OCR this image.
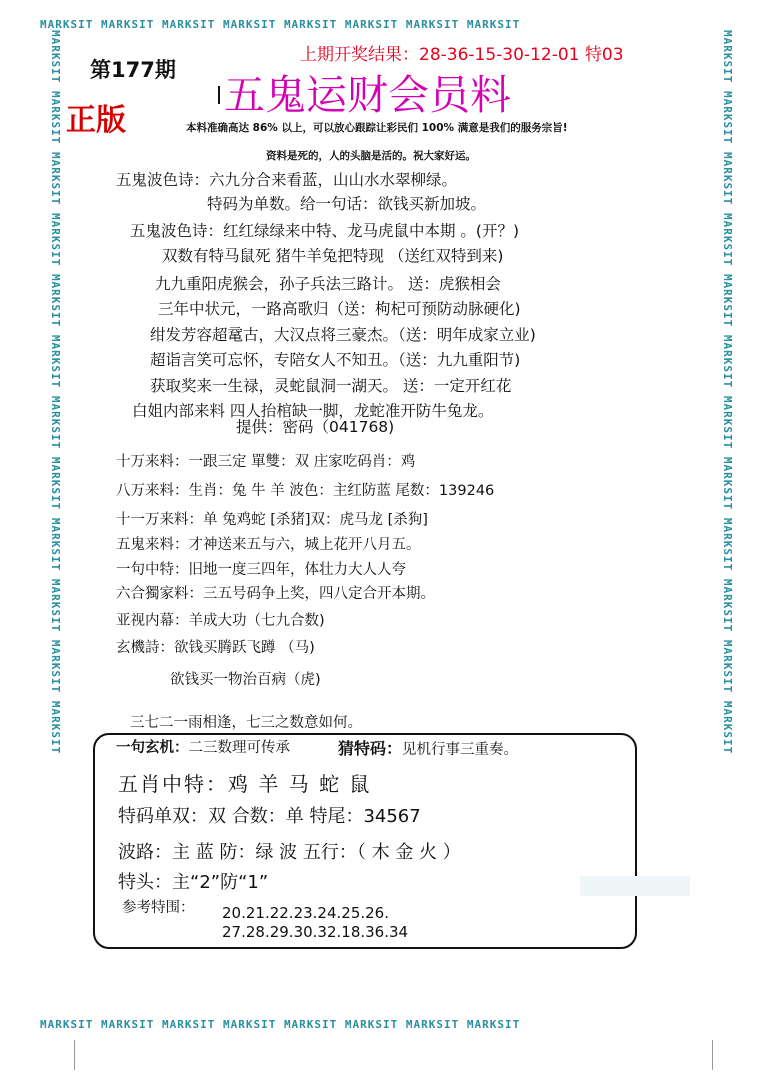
MARKSIT MARKSIT MARKSIT MARKSIT MARKSIT MARKSIT MARKSIT MARKSIT
MARKSIT MARKSIT MARKSIT MARKSIT MARKSIT MARKSIT MARKSIT MARKSIT
MARKSIT MARKSIT MARKSIT MARKSIT MARKSIT MARKSIT MARKSIT MARKSIT MARKSIT MARKSIT MARKSIT MARKSIT
MARKSIT MARKSIT MARKSIT MARKSIT MARKSIT MARKSIT MARKSIT MARKSIT MARKSIT MARKSIT MARKSIT MARKSIT
第177期
正版
上期开奖结果：28-36-15-30-12-01 特03
五鬼运财会员料
本料准确高达 86% 以上，可以放心跟踪让彩民们 100% 满意是我们的服务宗旨!
资料是死的，人的头脑是活的。祝大家好运。
五鬼波色诗：六九分合来看蓝，山山水水翠柳绿。
特码为单数。给一句话：欲钱买新加坡。
五鬼波色诗：红红绿绿来中特、龙马虎鼠中本期 。(开？)
双数有特马鼠死 猪牛羊兔把特现 （送红双特到来)
九九重阳虎猴会，孙子兵法三路计。 送：虎猴相会
三年中状元，一路高歌归（送：枸杞可预防动脉硬化)
绀发芳容超鼋古，大汉点将三豪杰。（送：明年成家立业)
超诣言笑可忘怀，专陪女人不知丑。（送：九九重阳节)
获取奖来一生禄，灵蛇鼠洞一湖天。 送：一定开红花
白姐内部来料 四人抬棺缺一脚，龙蛇准开防牛兔龙。
提供：密码（041768)
十万来料：一跟三定 單雙：双 庄家吃码肖：鸡
八万来料：生肖：兔 牛 羊 波色：主红防蓝 尾数：139246
十一万来料：单 兔鸡蛇 [杀猪]双：虎马龙 [杀狗]
五鬼来料：才神送来五与六，城上花开八月五。
一句中特：旧地一度三四年，体壮力大人人夸
六合獨家料：三五号码争上奖，四八定合开本期。
亚视内幕：羊成大功（七九合数)
玄機詩：欲钱买腾跃飞蹲 （马)
欲钱买一物治百病（虎)
三七二一雨相逢，七三之数意如何。
一句玄机：二三数理可传承	猜特码：见机行事三重奏。
五肖中特：鸡 羊 马 蛇 鼠
特码单双：双 合数：单 特尾：34567
波路：主 蓝 防：绿 波 五行：（ 木 金 火 ）
特头：主“2”防“1”
参考特围： 20.21.22.23.24.25.26.
27.28.29.30.32.18.36.34
